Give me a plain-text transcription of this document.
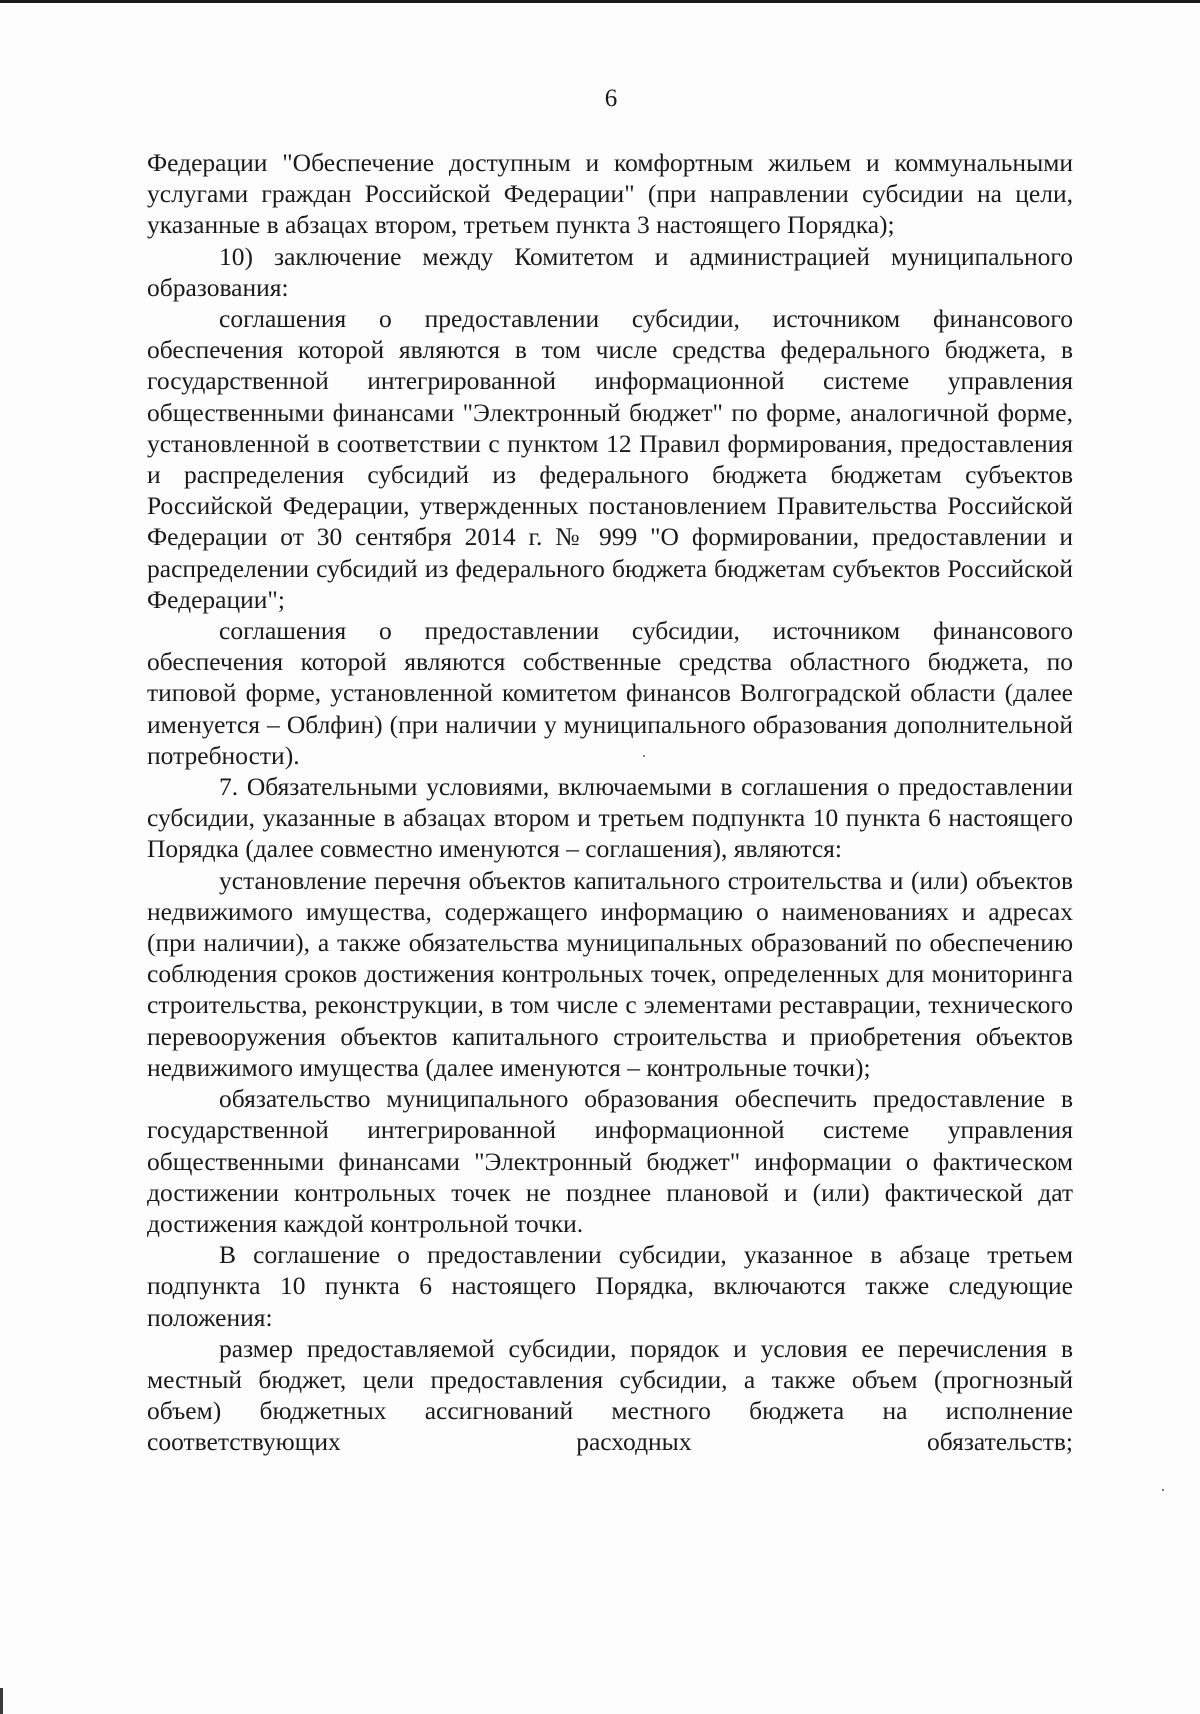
6

Федерации "Обеспечение доступным и комфортным жильем и коммунальными услугами граждан Российской Федерации" (при направлении субсидии на цели, указанные в абзацах втором, третьем пункта 3 настоящего Порядка);

10) заключение между Комитетом и администрацией муниципального образования:

соглашения о предоставлении субсидии, источником финансового обеспечения которой являются в том числе средства федерального бюджета, в государственной интегрированной информационной системе управления общественными финансами "Электронный бюджет" по форме, аналогичной форме, установленной в соответствии с пунктом 12 Правил формирования, предоставления и распределения субсидий из федерального бюджета бюджетам субъектов Российской Федерации, утвержденных постановлением Правительства Российской Федерации от 30 сентября 2014 г. № 999 "О формировании, предоставлении и распределении субсидий из федерального бюджета бюджетам субъектов Российской Федерации";

соглашения о предоставлении субсидии, источником финансового обеспечения которой являются собственные средства областного бюджета, по типовой форме, установленной комитетом финансов Волгоградской области (далее именуется – Облфин) (при наличии у муниципального образования дополнительной потребности).

7. Обязательными условиями, включаемыми в соглашения о предоставлении субсидии, указанные в абзацах втором и третьем подпункта 10 пункта 6 настоящего Порядка (далее совместно именуются – соглашения), являются:

установление перечня объектов капитального строительства и (или) объектов недвижимого имущества, содержащего информацию о наименованиях и адресах (при наличии), а также обязательства муниципальных образований по обеспечению соблюдения сроков достижения контрольных точек, определенных для мониторинга строительства, реконструкции, в том числе с элементами реставрации, технического перевооружения объектов капитального строительства и приобретения объектов недвижимого имущества (далее именуются – контрольные точки);

обязательство муниципального образования обеспечить предоставление в государственной интегрированной информационной системе управления общественными финансами "Электронный бюджет" информации о фактическом достижении контрольных точек не позднее плановой и (или) фактической дат достижения каждой контрольной точки.

В соглашение о предоставлении субсидии, указанное в абзаце третьем подпункта 10 пункта 6 настоящего Порядка, включаются также следующие положения:

размер предоставляемой субсидии, порядок и условия ее перечисления в местный бюджет, цели предоставления субсидии, а также объем (прогнозный объем) бюджетных ассигнований местного бюджета на исполнение соответствующих расходных обязательств;
